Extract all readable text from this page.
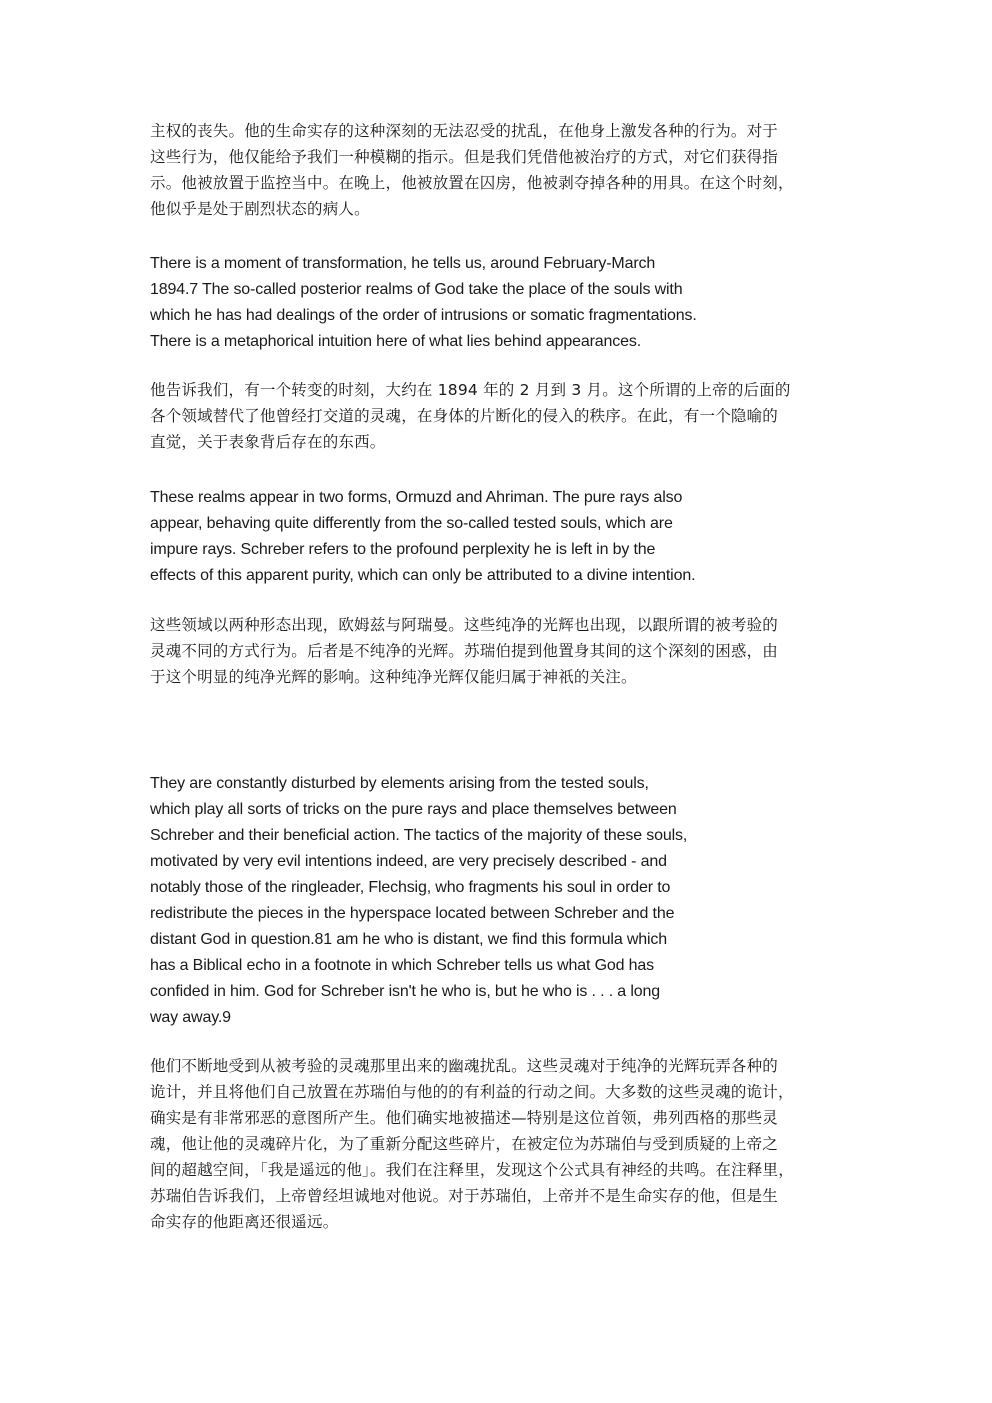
主权的丧失。他的生命实存的这种深刻的无法忍受的扰乱，在他身上激发各种的行为。对于
这些行为，他仅能给予我们一种模糊的指示。但是我们凭借他被治疗的方式，对它们获得指
示。他被放置于监控当中。在晚上，他被放置在囚房，他被剥夺掉各种的用具。在这个时刻，
他似乎是处于剧烈状态的病人。

There is a moment of transformation, he tells us, around February-March
1894.7 The so-called posterior realms of God take the place of the souls with
which he has had dealings of the order of intrusions or somatic fragmentations.
There is a metaphorical intuition here of what lies behind appearances.

他告诉我们，有一个转变的时刻，大约在 1894 年的 2 月到 3 月。这个所谓的上帝的后面的
各个领域替代了他曾经打交道的灵魂，在身体的片断化的侵入的秩序。在此，有一个隐喻的
直觉，关于表象背后存在的东西。

These realms appear in two forms, Ormuzd and Ahriman. The pure rays also
appear, behaving quite differently from the so-called tested souls, which are
impure rays. Schreber refers to the profound perplexity he is left in by the
effects of this apparent purity, which can only be attributed to a divine intention.

这些领域以两种形态出现，欧姆兹与阿瑞曼。这些纯净的光辉也出现，以跟所谓的被考验的
灵魂不同的方式行为。后者是不纯净的光辉。苏瑞伯提到他置身其间的这个深刻的困惑，由
于这个明显的纯净光辉的影响。这种纯净光辉仅能归属于神祇的关注。

They are constantly disturbed by elements arising from the tested souls,
which play all sorts of tricks on the pure rays and place themselves between
Schreber and their beneficial action. The tactics of the majority of these souls,
motivated by very evil intentions indeed, are very precisely described - and
notably those of the ringleader, Flechsig, who fragments his soul in order to
redistribute the pieces in the hyperspace located between Schreber and the
distant God in question.81 am he who is distant, we find this formula which
has a Biblical echo in a footnote in which Schreber tells us what God has
confided in him. God for Schreber isn't he who is, but he who is . . . a long
way away.9

他们不断地受到从被考验的灵魂那里出来的幽魂扰乱。这些灵魂对于纯净的光辉玩弄各种的
诡计，并且将他们自己放置在苏瑞伯与他的的有利益的行动之间。大多数的这些灵魂的诡计，
确实是有非常邪恶的意图所产生。他们确实地被描述—特别是这位首领，弗列西格的那些灵
魂，他让他的灵魂碎片化，为了重新分配这些碎片，在被定位为苏瑞伯与受到质疑的上帝之
间的超越空间，「我是遥远的他」。我们在注释里，发现这个公式具有神经的共鸣。在注释里，
苏瑞伯告诉我们，上帝曾经坦诚地对他说。对于苏瑞伯，上帝并不是生命实存的他，但是生
命实存的他距离还很遥远。
